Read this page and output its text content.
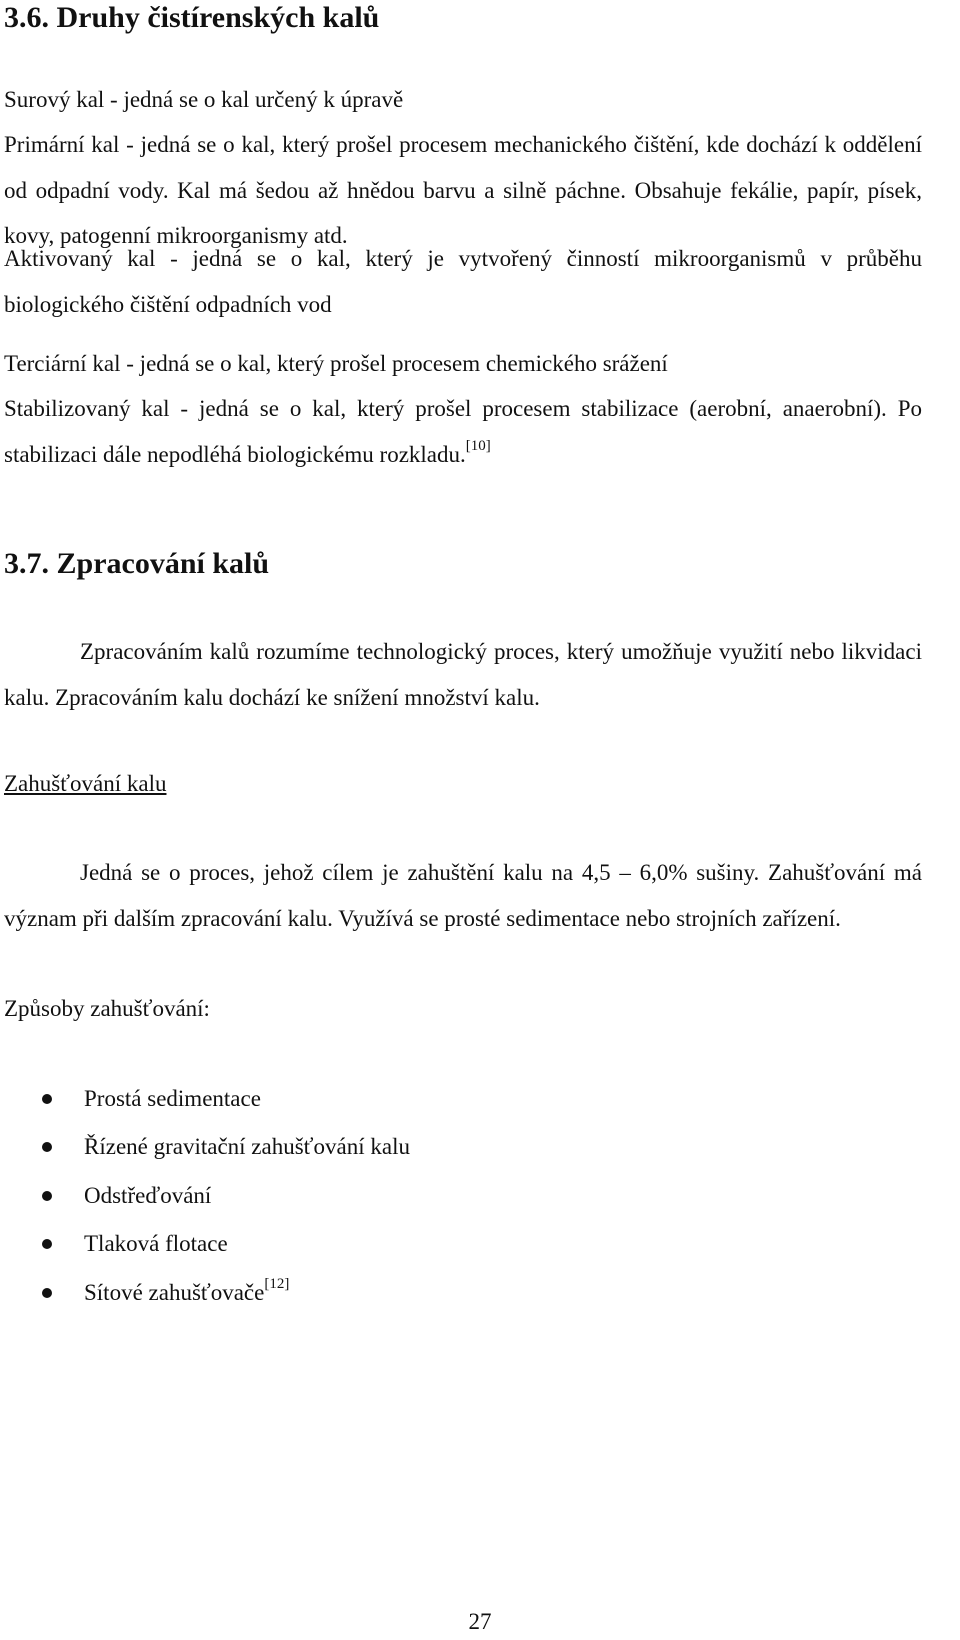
3.6. Druhy čistírenských kalů

Surový kal - jedná se o kal určený k úpravě

Primární kal - jedná se o kal, který prošel procesem mechanického čištění, kde dochází k oddělení od odpadní vody. Kal má šedou až hnědou barvu a silně páchne. Obsahuje fekálie, papír, písek, kovy, patogenní mikroorganismy atd.

Aktivovaný kal - jedná se o kal, který je vytvořený činností mikroorganismů v průběhu biologického čištění odpadních vod

Terciární kal - jedná se o kal, který prošel procesem chemického srážení

Stabilizovaný kal - jedná se o kal, který prošel procesem stabilizace (aerobní, anaerobní). Po stabilizaci dále nepodléhá biologickému rozkladu.[10]

3.7. Zpracování kalů

Zpracováním kalů rozumíme technologický proces, který umožňuje využití nebo likvidaci kalu. Zpracováním kalu dochází ke snížení množství kalu.

Zahušťování kalu

Jedná se o proces, jehož cílem je zahuštění kalu na 4,5 – 6,0% sušiny. Zahušťování má význam při dalším zpracování kalu. Využívá se prosté sedimentace nebo strojních zařízení.

Způsoby zahušťování:

Prostá sedimentace
Řízené gravitační zahušťování kalu
Odstřeďování
Tlaková flotace
Sítové zahušťovače[12]
27
